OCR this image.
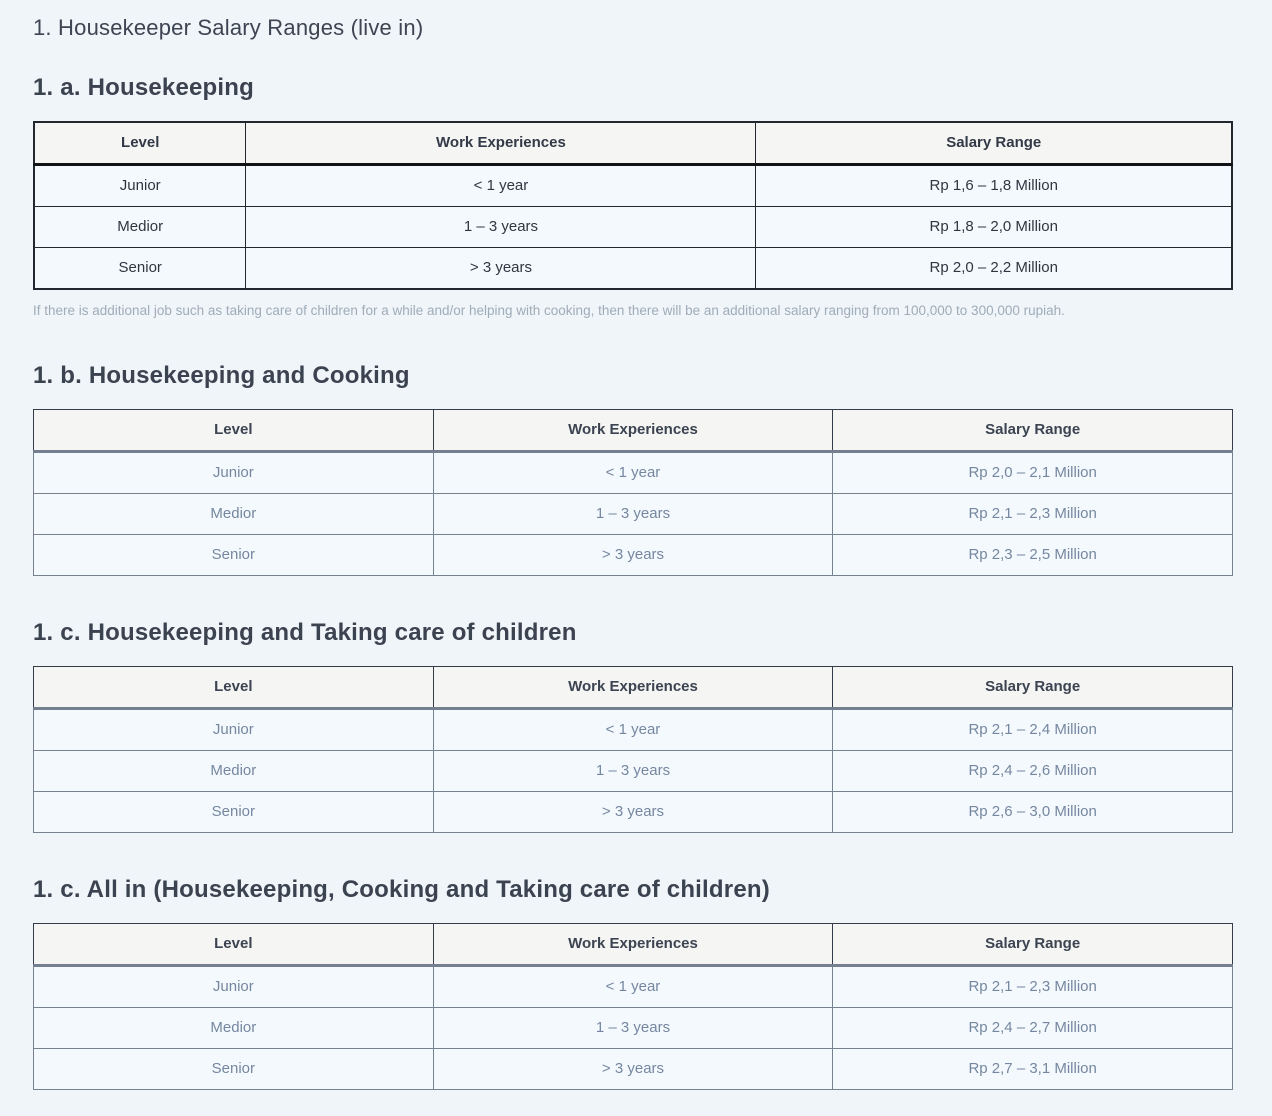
1. Housekeeper Salary Ranges (live in)
1. a. Housekeeping
Level	Work Experiences	Salary Range
Junior	< 1 year	Rp 1,6 – 1,8 Million
Medior	1 – 3 years	Rp 1,8 – 2,0 Million
Senior	> 3 years	Rp 2,0 – 2,2 Million

If there is additional job such as taking care of children for a while and/or helping with cooking, then there will be an additional salary ranging from 100,000 to 300,000 rupiah.

1. b. Housekeeping and Cooking
Level	Work Experiences	Salary Range
Junior	< 1 year	Rp 2,0 – 2,1 Million
Medior	1 – 3 years	Rp 2,1 – 2,3 Million
Senior	> 3 years	Rp 2,3 – 2,5 Million
1. c. Housekeeping and Taking care of children
Level	Work Experiences	Salary Range
Junior	< 1 year	Rp 2,1 – 2,4 Million
Medior	1 – 3 years	Rp 2,4 – 2,6 Million
Senior	> 3 years	Rp 2,6 – 3,0 Million
1. c. All in (Housekeeping, Cooking and Taking care of children)
Level	Work Experiences	Salary Range
Junior	< 1 year	Rp 2,1 – 2,3 Million
Medior	1 – 3 years	Rp 2,4 – 2,7 Million
Senior	> 3 years	Rp 2,7 – 3,1 Million
